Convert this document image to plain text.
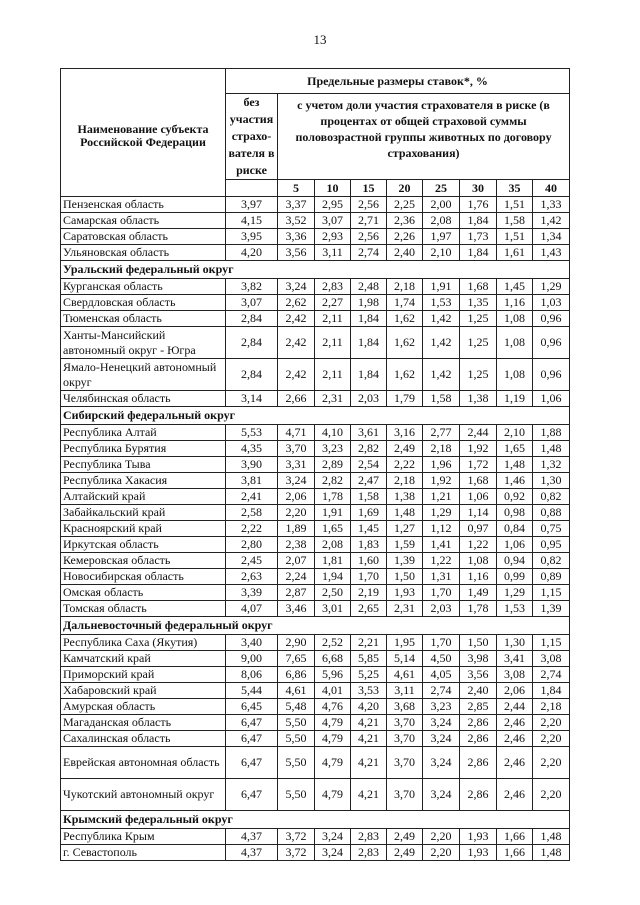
13
Наименование субъекта Российской Федерации	Предельные размеры ставок*, %								
	без участия страхо-вателя в риске	с учетом доли участия страхователя в риске (в процентах от общей страховой суммы половозрастной группы животных по договору страхования)							
		5	10	15	20	25	30	35	40
Пензенская область	3,97	3,37	2,95	2,56	2,25	2,00	1,76	1,51	1,33
Самарская область	4,15	3,52	3,07	2,71	2,36	2,08	1,84	1,58	1,42
Саратовская область	3,95	3,36	2,93	2,56	2,26	1,97	1,73	1,51	1,34
Ульяновская область	4,20	3,56	3,11	2,74	2,40	2,10	1,84	1,61	1,43
Уральский федеральный округ									
Курганская область	3,82	3,24	2,83	2,48	2,18	1,91	1,68	1,45	1,29
Свердловская область	3,07	2,62	2,27	1,98	1,74	1,53	1,35	1,16	1,03
Тюменская область	2,84	2,42	2,11	1,84	1,62	1,42	1,25	1,08	0,96
Ханты-Мансийский автономный округ - Югра	2,84	2,42	2,11	1,84	1,62	1,42	1,25	1,08	0,96
Ямало-Ненецкий автономный округ	2,84	2,42	2,11	1,84	1,62	1,42	1,25	1,08	0,96
Челябинская область	3,14	2,66	2,31	2,03	1,79	1,58	1,38	1,19	1,06
Сибирский федеральный округ									
Республика Алтай	5,53	4,71	4,10	3,61	3,16	2,77	2,44	2,10	1,88
Республика Бурятия	4,35	3,70	3,23	2,82	2,49	2,18	1,92	1,65	1,48
Республика Тыва	3,90	3,31	2,89	2,54	2,22	1,96	1,72	1,48	1,32
Республика Хакасия	3,81	3,24	2,82	2,47	2,18	1,92	1,68	1,46	1,30
Алтайский край	2,41	2,06	1,78	1,58	1,38	1,21	1,06	0,92	0,82
Забайкальский край	2,58	2,20	1,91	1,69	1,48	1,29	1,14	0,98	0,88
Красноярский край	2,22	1,89	1,65	1,45	1,27	1,12	0,97	0,84	0,75
Иркутская область	2,80	2,38	2,08	1,83	1,59	1,41	1,22	1,06	0,95
Кемеровская область	2,45	2,07	1,81	1,60	1,39	1,22	1,08	0,94	0,82
Новосибирская область	2,63	2,24	1,94	1,70	1,50	1,31	1,16	0,99	0,89
Омская область	3,39	2,87	2,50	2,19	1,93	1,70	1,49	1,29	1,15
Томская область	4,07	3,46	3,01	2,65	2,31	2,03	1,78	1,53	1,39
Дальневосточный федеральный округ									
Республика Саха (Якутия)	3,40	2,90	2,52	2,21	1,95	1,70	1,50	1,30	1,15
Камчатский край	9,00	7,65	6,68	5,85	5,14	4,50	3,98	3,41	3,08
Приморский край	8,06	6,86	5,96	5,25	4,61	4,05	3,56	3,08	2,74
Хабаровский край	5,44	4,61	4,01	3,53	3,11	2,74	2,40	2,06	1,84
Амурская область	6,45	5,48	4,76	4,20	3,68	3,23	2,85	2,44	2,18
Магаданская область	6,47	5,50	4,79	4,21	3,70	3,24	2,86	2,46	2,20
Сахалинская область	6,47	5,50	4,79	4,21	3,70	3,24	2,86	2,46	2,20
Еврейская автономная область	6,47	5,50	4,79	4,21	3,70	3,24	2,86	2,46	2,20
Чукотский автономный округ	6,47	5,50	4,79	4,21	3,70	3,24	2,86	2,46	2,20
Крымский федеральный округ									
Республика Крым	4,37	3,72	3,24	2,83	2,49	2,20	1,93	1,66	1,48
г. Севастополь	4,37	3,72	3,24	2,83	2,49	2,20	1,93	1,66	1,48
